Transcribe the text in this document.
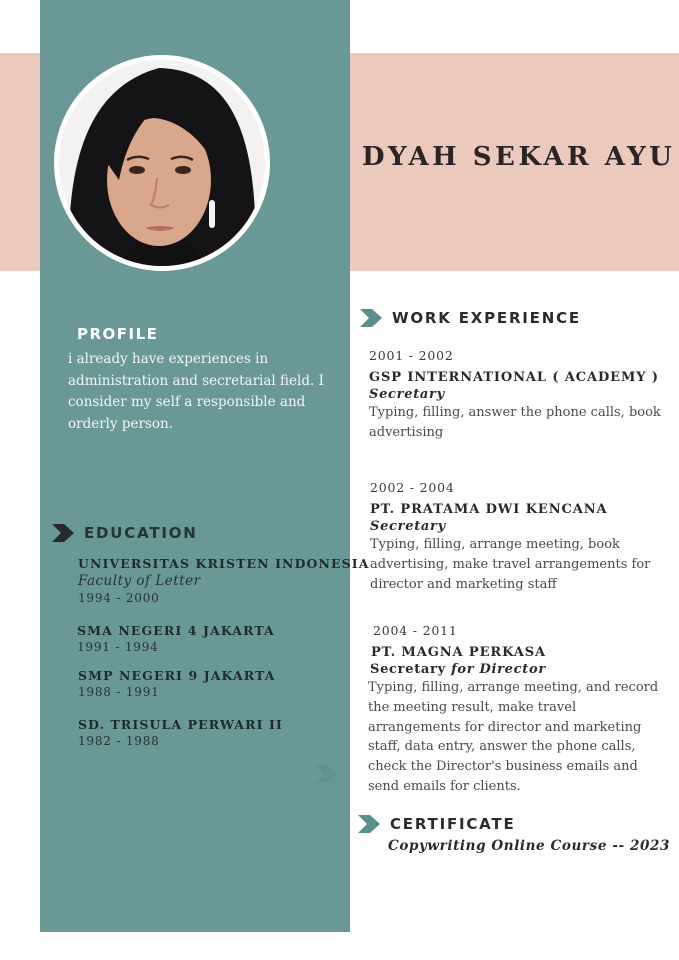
DYAH SEKAR AYU
PROFILE
i already have experiences in administration and secretarial field. I consider my self a responsible and orderly person.
EDUCATION
UNIVERSITAS KRISTEN INDONESIA
Faculty of Letter
1994 - 2000
SMA NEGERI 4 JAKARTA
1991 - 1994
SMP NEGERI 9 JAKARTA
1988 - 1991
SD. TRISULA PERWARI II
1982 - 1988
WORK EXPERIENCE
2001 - 2002
GSP INTERNATIONAL ( ACADEMY )
Secretary
Typing, filling, answer the phone calls, book advertising
2002 - 2004
PT. PRATAMA DWI KENCANA
Secretary
Typing, filling, arrange meeting, book advertising, make travel arrangements for director and marketing staff
2004 - 2011
PT. MAGNA PERKASA
Secretary for Director
Typing, filling, arrange meeting, and record the meeting result, make travel arrangements for director and marketing staff, data entry, answer the phone calls, check the Director's business emails and send emails for clients.
CERTIFICATE
Copywriting Online Course -- 2023
